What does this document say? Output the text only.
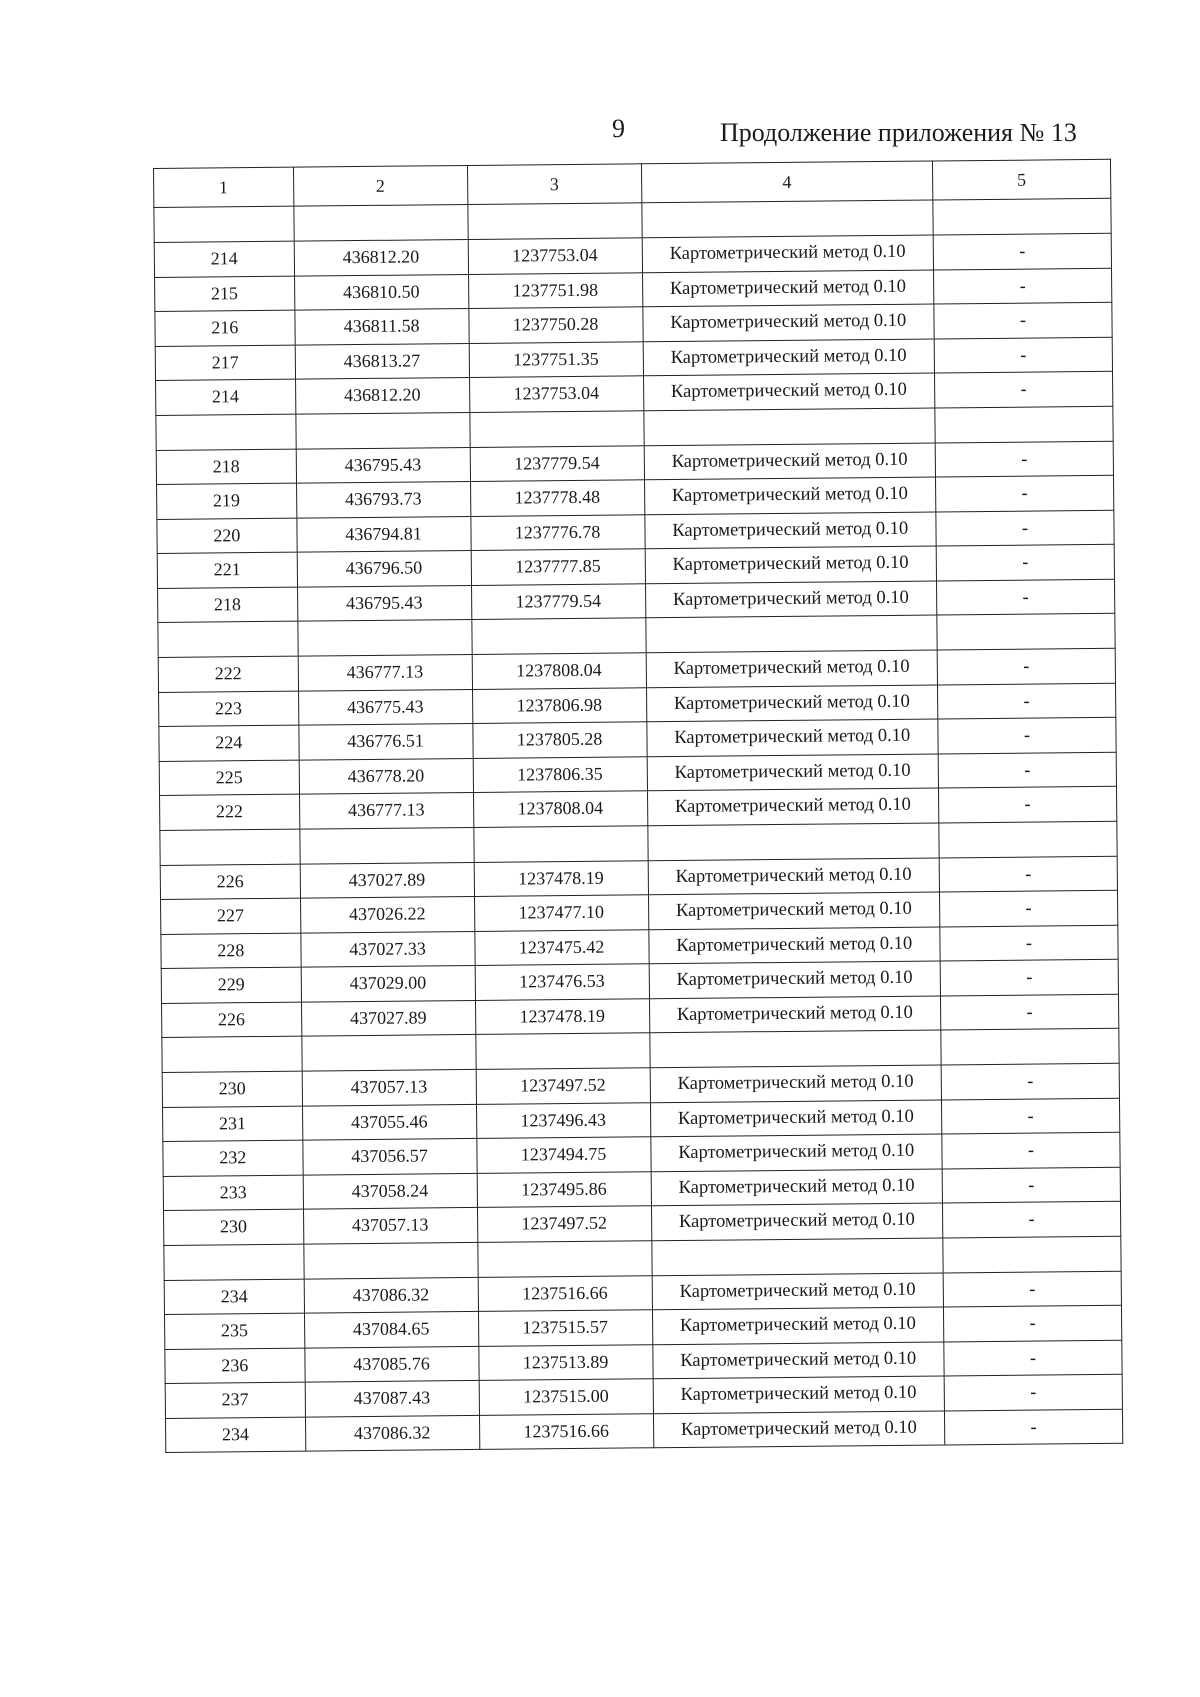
9	Продолжение приложения № 13
1	2	3	4	5

214	436812.20	1237753.04	Картометрический метод 0.10	-
215	436810.50	1237751.98	Картометрический метод 0.10	-
216	436811.58	1237750.28	Картометрический метод 0.10	-
217	436813.27	1237751.35	Картометрический метод 0.10	-
214	436812.20	1237753.04	Картометрический метод 0.10	-

218	436795.43	1237779.54	Картометрический метод 0.10	-
219	436793.73	1237778.48	Картометрический метод 0.10	-
220	436794.81	1237776.78	Картометрический метод 0.10	-
221	436796.50	1237777.85	Картометрический метод 0.10	-
218	436795.43	1237779.54	Картометрический метод 0.10	-

222	436777.13	1237808.04	Картометрический метод 0.10	-
223	436775.43	1237806.98	Картометрический метод 0.10	-
224	436776.51	1237805.28	Картометрический метод 0.10	-
225	436778.20	1237806.35	Картометрический метод 0.10	-
222	436777.13	1237808.04	Картометрический метод 0.10	-

226	437027.89	1237478.19	Картометрический метод 0.10	-
227	437026.22	1237477.10	Картометрический метод 0.10	-
228	437027.33	1237475.42	Картометрический метод 0.10	-
229	437029.00	1237476.53	Картометрический метод 0.10	-
226	437027.89	1237478.19	Картометрический метод 0.10	-

230	437057.13	1237497.52	Картометрический метод 0.10	-
231	437055.46	1237496.43	Картометрический метод 0.10	-
232	437056.57	1237494.75	Картометрический метод 0.10	-
233	437058.24	1237495.86	Картометрический метод 0.10	-
230	437057.13	1237497.52	Картометрический метод 0.10	-

234	437086.32	1237516.66	Картометрический метод 0.10	-
235	437084.65	1237515.57	Картометрический метод 0.10	-
236	437085.76	1237513.89	Картометрический метод 0.10	-
237	437087.43	1237515.00	Картометрический метод 0.10	-
234	437086.32	1237516.66	Картометрический метод 0.10	-
